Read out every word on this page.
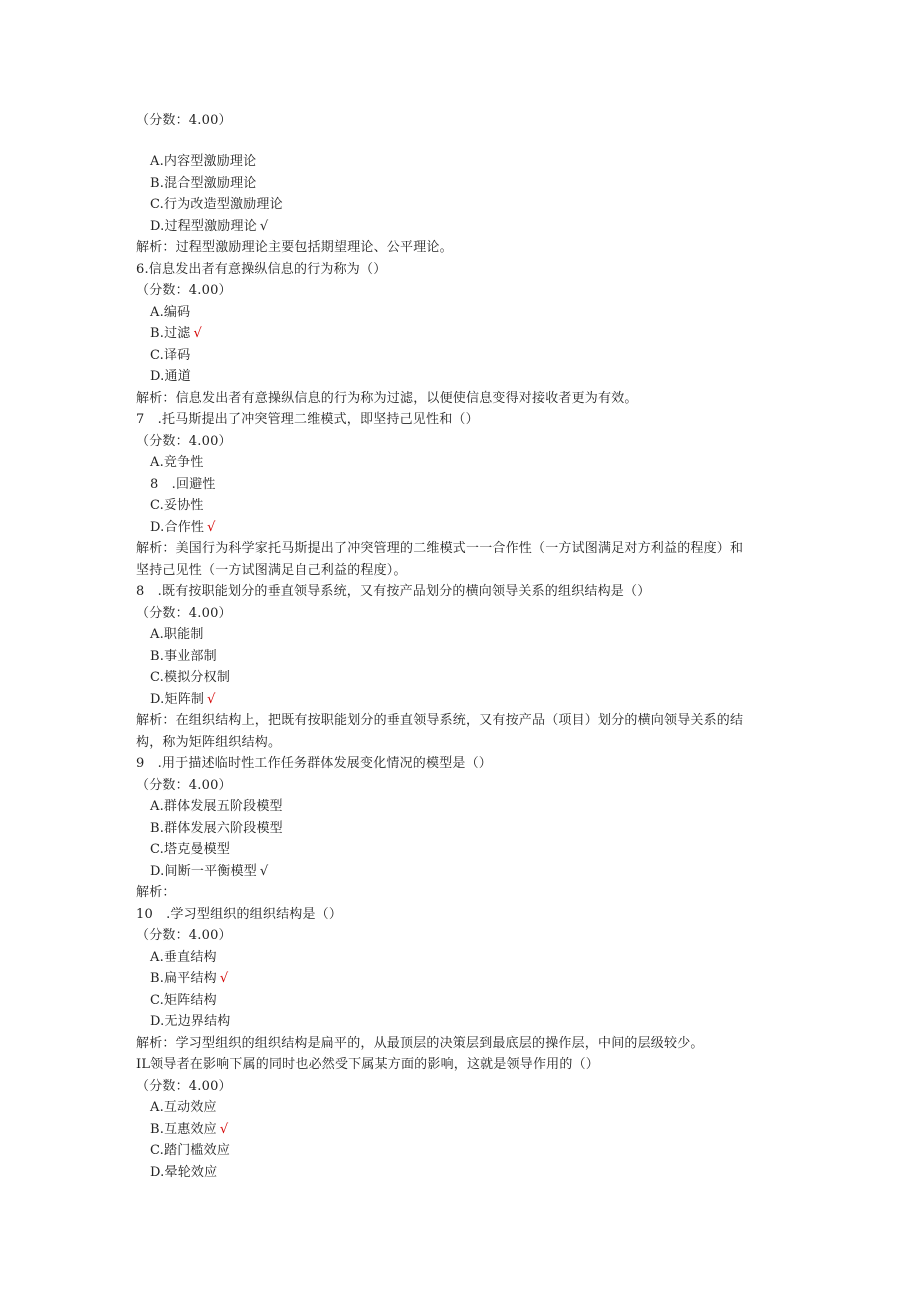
（分数：4.00）
A.内容型激励理论
B.混合型激励理论
C.行为改造型激励理论
D.过程型激励理论 √
解析：过程型激励理论主要包括期望理论、公平理论。
6.信息发出者有意操纵信息的行为称为（）
（分数：4.00）
A.编码
B.过滤 √
C.译码
D.通道
解析：信息发出者有意操纵信息的行为称为过滤，以便使信息变得对接收者更为有效。
7　.托马斯提出了冲突管理二维模式，即坚持己见性和（）
（分数：4.00）
A.竞争性
8　.回避性
C.妥协性
D.合作性 √
解析：美国行为科学家托马斯提出了冲突管理的二维模式一一合作性（一方试图满足对方利益的程度）和
坚持己见性（一方试图满足自己利益的程度）。
8　.既有按职能划分的垂直领导系统，又有按产品划分的横向领导关系的组织结构是（）
（分数：4.00）
A.职能制
B.事业部制
C.模拟分权制
D.矩阵制 √
解析：在组织结构上，把既有按职能划分的垂直领导系统，又有按产品（项目）划分的横向领导关系的结
构，称为矩阵组织结构。
9　.用于描述临时性工作任务群体发展变化情况的模型是（）
（分数：4.00）
A.群体发展五阶段模型
B.群体发展六阶段模型
C.塔克曼模型
D.间断一平衡模型 √
解析：
10　.学习型组织的组织结构是（）
（分数：4.00）
A.垂直结构
B.扁平结构 √
C.矩阵结构
D.无边界结构
解析：学习型组织的组织结构是扁平的，从最顶层的决策层到最底层的操作层，中间的层级较少。
IL领导者在影响下属的同时也必然受下属某方面的影响，这就是领导作用的（）
（分数：4.00）
A.互动效应
B.互惠效应 √
C.踏门槛效应
D.晕轮效应
